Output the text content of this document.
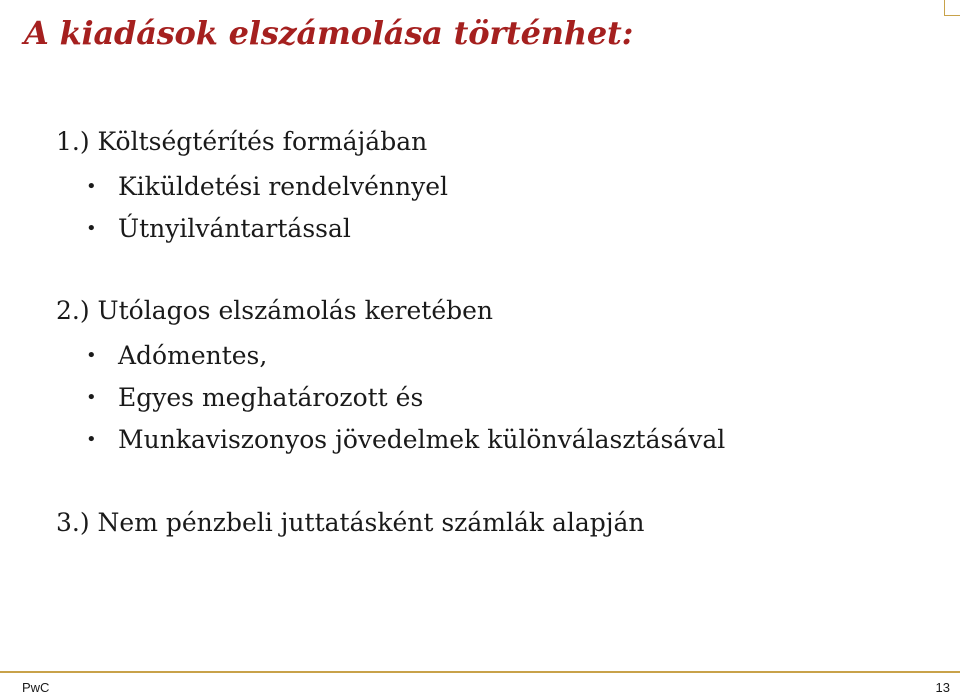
A kiadások elszámolása történhet:
1.) Költségtérítés formájában
• Kiküldetési rendelvénnyel
• Útnyilvántartással
2.) Utólagos elszámolás keretében
• Adómentes,
• Egyes meghatározott és
• Munkaviszonyos jövedelmek különválasztásával
3.) Nem pénzbeli juttatásként számlák alapján
PwC	13
